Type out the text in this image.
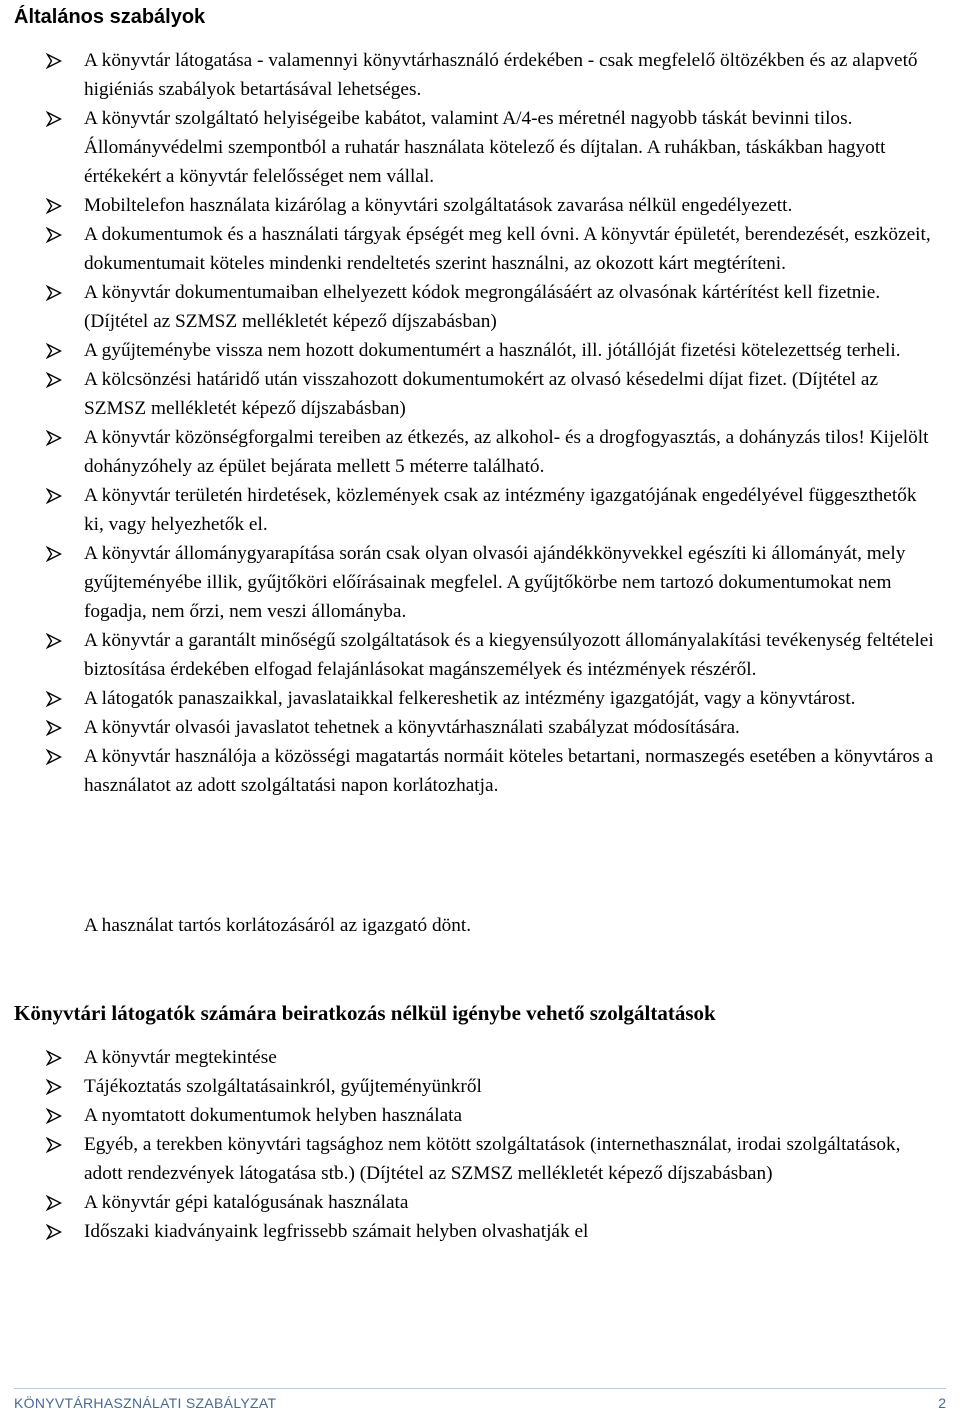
Általános szabályok
A könyvtár látogatása - valamennyi könyvtárhasználó érdekében - csak megfelelő öltözékben és az alapvető higiéniás szabályok betartásával lehetséges.
A könyvtár szolgáltató helyiségeibe kabátot, valamint A/4-es méretnél nagyobb táskát bevinni tilos. Állományvédelmi szempontból a ruhatár használata kötelező és díjtalan. A ruhákban, táskákban hagyott értékekért a könyvtár felelősséget nem vállal.
Mobiltelefon használata kizárólag a könyvtári szolgáltatások zavarása nélkül engedélyezett.
A dokumentumok és a használati tárgyak épségét meg kell óvni. A könyvtár épületét, berendezését, eszközeit, dokumentumait köteles mindenki rendeltetés szerint használni, az okozott kárt megtéríteni.
A könyvtár dokumentumaiban elhelyezett kódok megrongálásáért az olvasónak kártérítést kell fizetnie. (Díjtétel az SZMSZ mellékletét képező díjszabásban)
A gyűjteménybe vissza nem hozott dokumentumért a használót, ill. jótállóját fizetési kötelezettség terheli.
A kölcsönzési határidő után visszahozott dokumentumokért az olvasó késedelmi díjat fizet. (Díjtétel az SZMSZ mellékletét képező díjszabásban)
A könyvtár közönségforgalmi tereiben az étkezés, az alkohol- és a drogfogyasztás, a dohányzás tilos! Kijelölt dohányzóhely az épület bejárata mellett 5 méterre található.
A könyvtár területén hirdetések, közlemények csak az intézmény igazgatójának engedélyével függeszthetők ki, vagy helyezhetők el.
A könyvtár állománygyarapítása során csak olyan olvasói ajándékkönyvekkel egészíti ki állományát, mely gyűjteményébe illik, gyűjtőköri előírásainak megfelel. A gyűjtőkörbe nem tartozó dokumentumokat nem fogadja, nem őrzi, nem veszi állományba.
A könyvtár a garantált minőségű szolgáltatások és a kiegyensúlyozott állományalakítási tevékenység feltételei biztosítása érdekében elfogad felajánlásokat magánszemélyek és intézmények részéről.
A látogatók panaszaikkal, javaslataikkal felkereshetik az intézmény igazgatóját, vagy a könyvtárost.
A könyvtár olvasói javaslatot tehetnek a könyvtárhasználati szabályzat módosítására.
A könyvtár használója a közösségi magatartás normáit köteles betartani, normaszegés esetében a könyvtáros a használatot az adott szolgáltatási napon korlátozhatja.
A használat tartós korlátozásáról az igazgató dönt.
Könyvtári látogatók számára beiratkozás nélkül igénybe vehető szolgáltatások
A könyvtár megtekintése
Tájékoztatás szolgáltatásainkról, gyűjteményünkről
A nyomtatott dokumentumok helyben használata
Egyéb, a terekben könyvtári tagsághoz nem kötött szolgáltatások (internethasználat, irodai szolgáltatások, adott rendezvények látogatása stb.) (Díjtétel az SZMSZ mellékletét képező díjszabásban)
A könyvtár gépi katalógusának használata
Időszaki kiadványaink legfrissebb számait helyben olvashatják el
KÖNYVTÁRHASZNÁLATI SZABÁLYZAT	2
